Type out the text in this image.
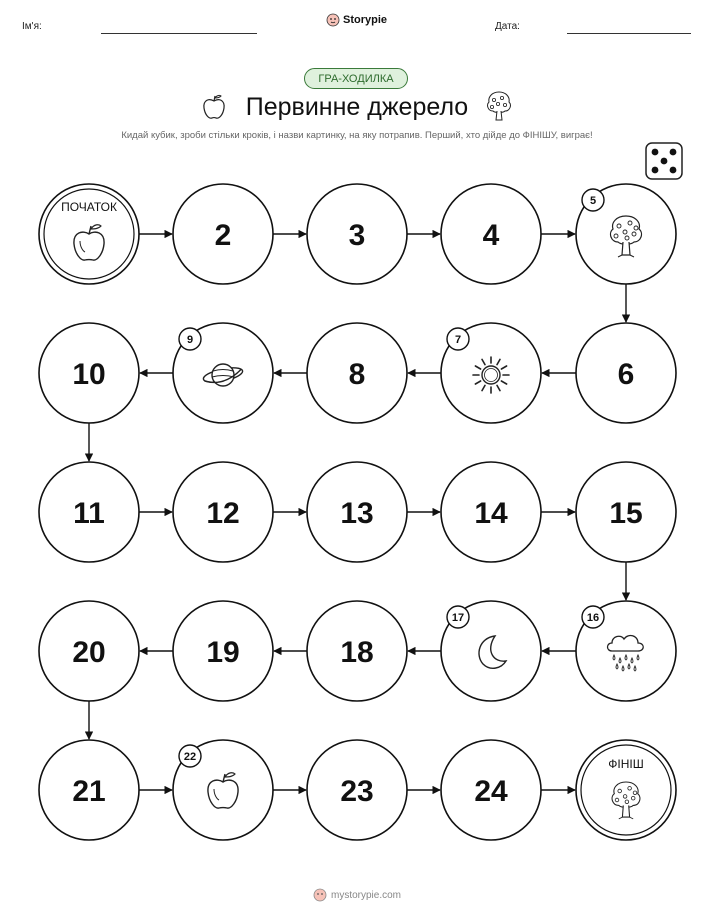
Ім'я:
Storypie
Дата:
ГРА-ХОДИЛКА
Первинне джерело
Кидай кубик, зроби стільки кроків, і назви картинку, на яку потрапив. Перший, хто дійде до ФІНІШУ, виграє!
ПОЧАТОК
2	3	4
5
6
7
8
9
10
11	12	13	14	15
16
17
18
19
20
21
22
23	24
ФІНІШ
mystorypie.com
